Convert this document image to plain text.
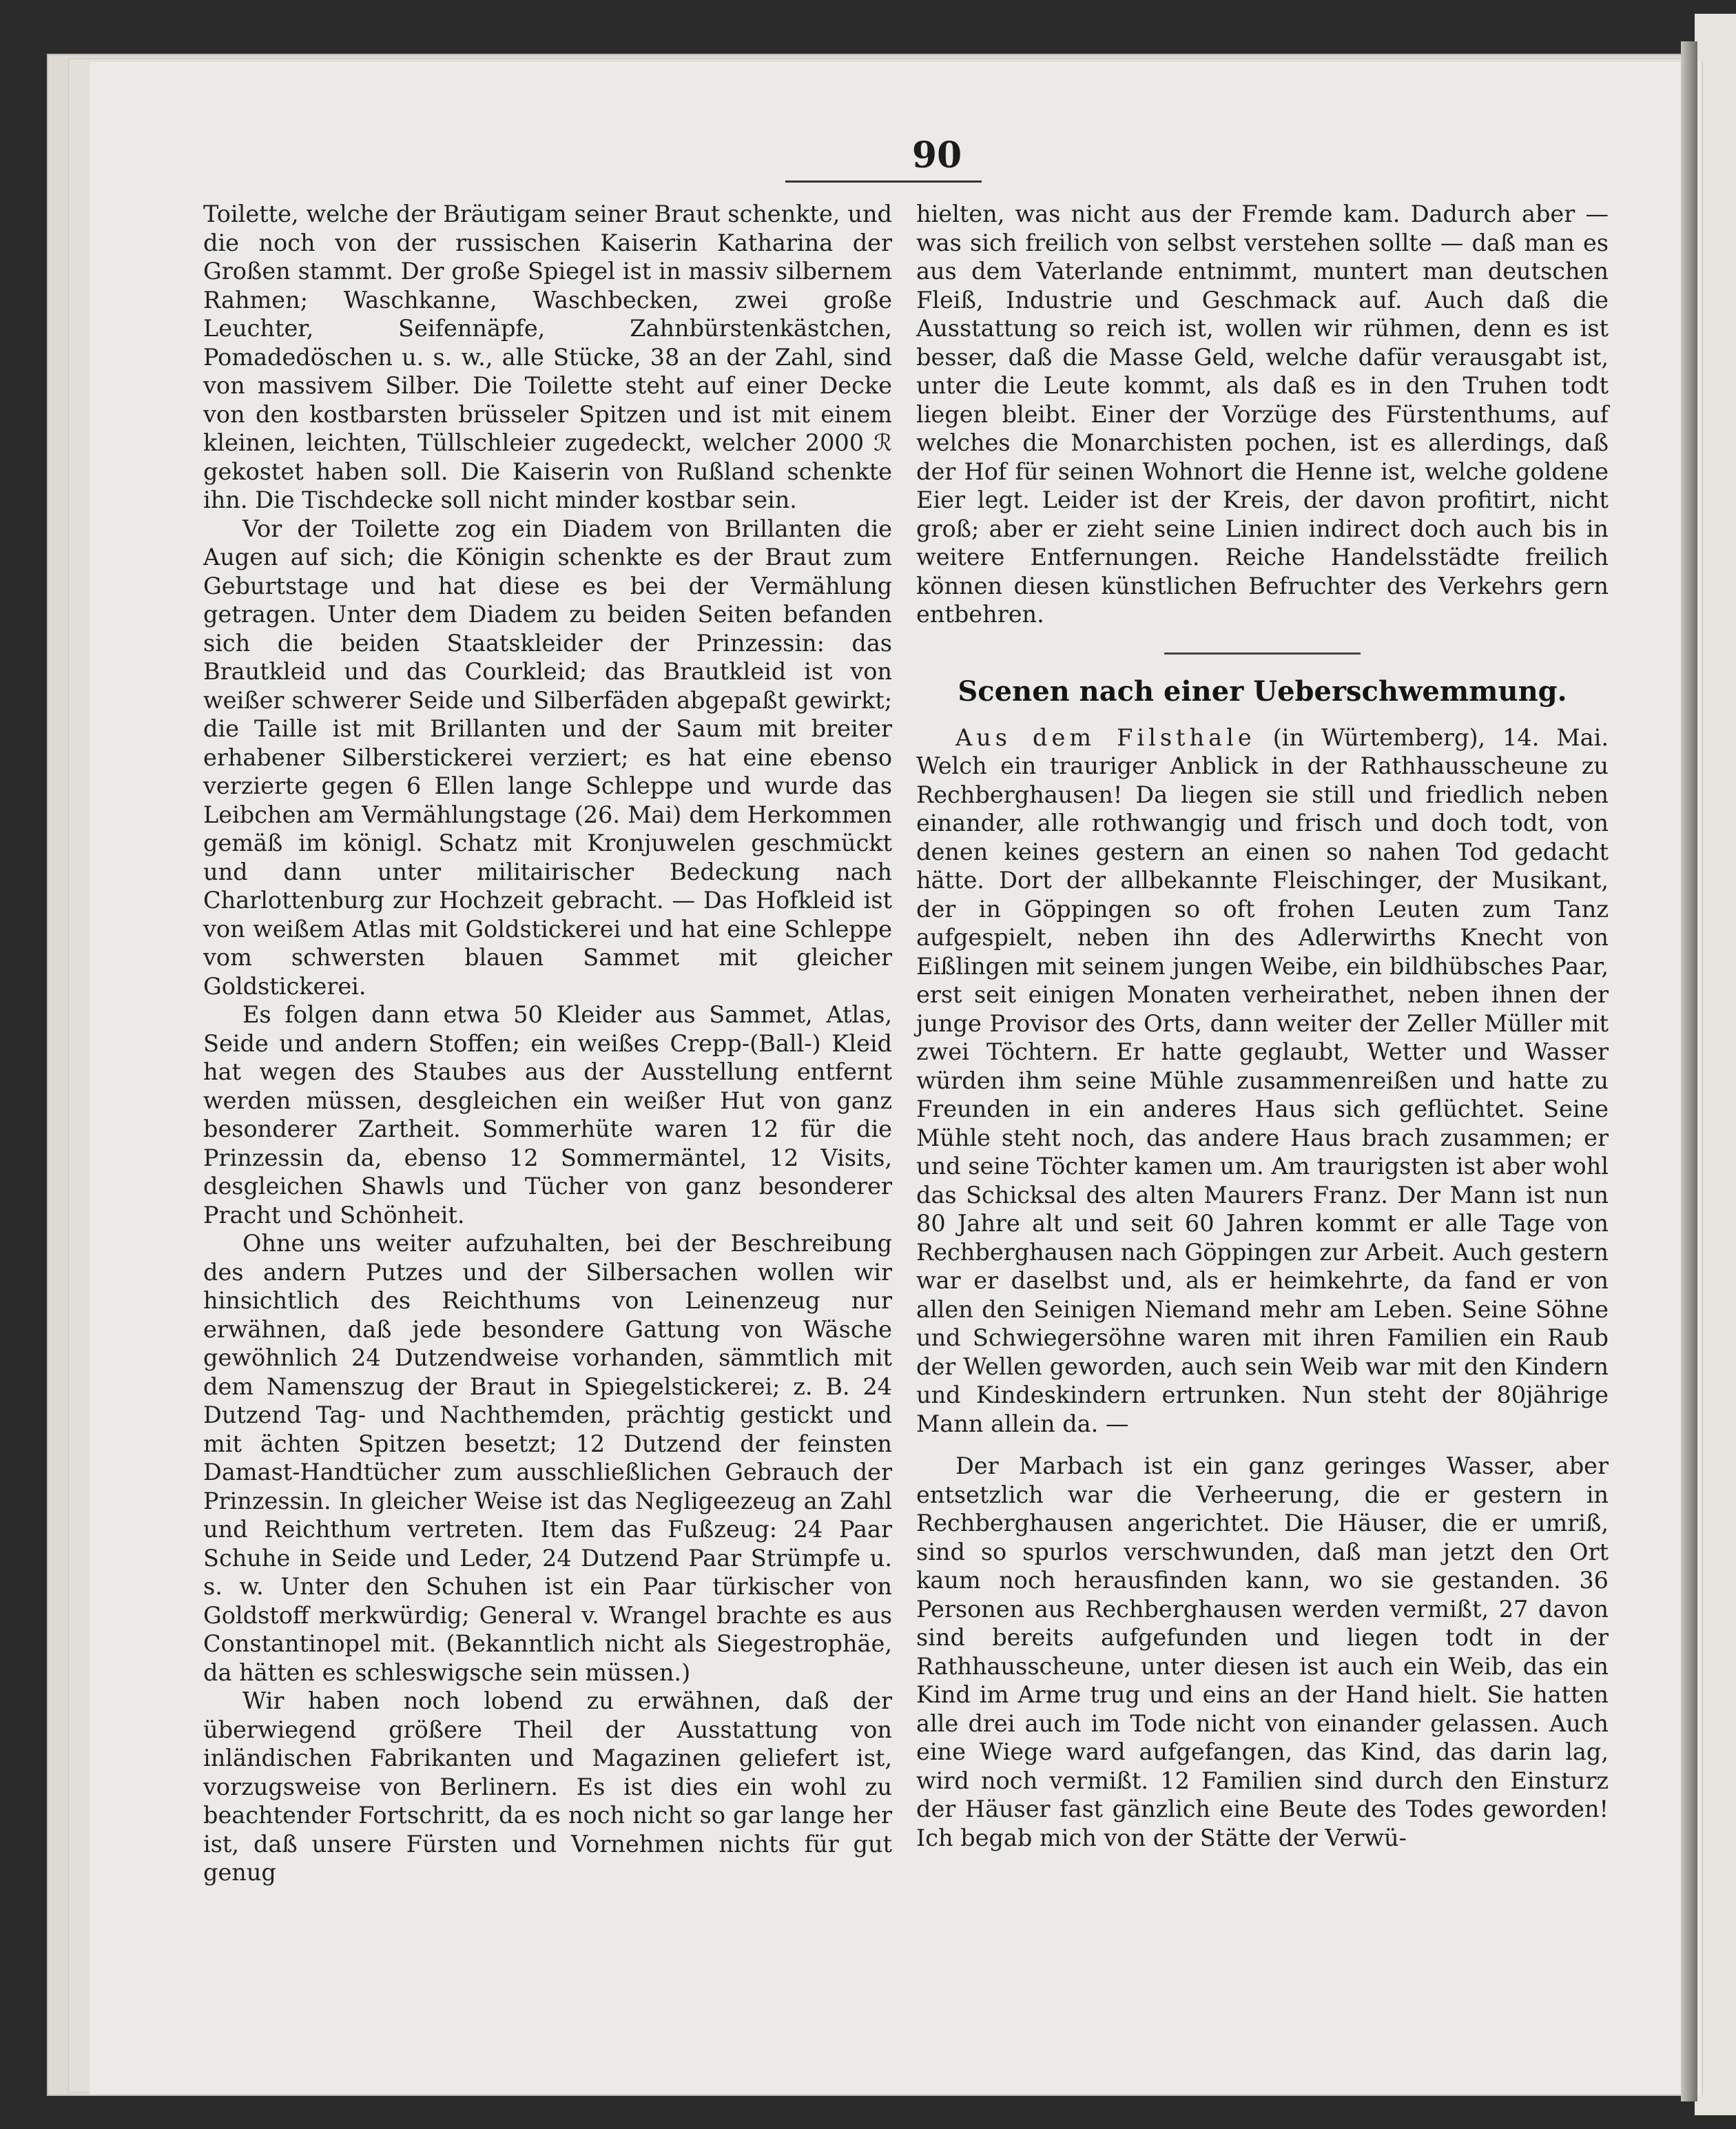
90

Toilette, welche der Bräutigam seiner Braut schenkte, und die noch von der russischen Kaiserin Katharina der Großen stammt. Der große Spiegel ist in massiv silbernem Rahmen; Waschkanne, Waschbecken, zwei große Leuchter, Seifennäpfe, Zahnbürstenkästchen, Pomadedöschen u. s. w., alle Stücke, 38 an der Zahl, sind von massivem Silber. Die Toilette steht auf einer Decke von den kostbarsten brüsseler Spitzen und ist mit einem kleinen, leichten, Tüllschleier zugedeckt, welcher 2000 ℛ gekostet haben soll. Die Kaiserin von Rußland schenkte ihn. Die Tischdecke soll nicht minder kostbar sein.

Vor der Toilette zog ein Diadem von Brillanten die Augen auf sich; die Königin schenkte es der Braut zum Geburtstage und hat diese es bei der Vermählung getragen. Unter dem Diadem zu beiden Seiten befanden sich die beiden Staatskleider der Prinzessin: das Brautkleid und das Courkleid; das Brautkleid ist von weißer schwerer Seide und Silberfäden abgepaßt gewirkt; die Taille ist mit Brillanten und der Saum mit breiter erhabener Silberstickerei verziert; es hat eine ebenso verzierte gegen 6 Ellen lange Schleppe und wurde das Leibchen am Vermählungstage (26. Mai) dem Herkommen gemäß im königl. Schatz mit Kronjuwelen geschmückt und dann unter militairischer Bedeckung nach Charlottenburg zur Hochzeit gebracht. — Das Hofkleid ist von weißem Atlas mit Goldstickerei und hat eine Schleppe vom schwersten blauen Sammet mit gleicher Goldstickerei.

Es folgen dann etwa 50 Kleider aus Sammet, Atlas, Seide und andern Stoffen; ein weißes Crepp-(Ball-) Kleid hat wegen des Staubes aus der Ausstellung entfernt werden müssen, desgleichen ein weißer Hut von ganz besonderer Zartheit. Sommerhüte waren 12 für die Prinzessin da, ebenso 12 Sommermäntel, 12 Visits, desgleichen Shawls und Tücher von ganz besonderer Pracht und Schönheit.

Ohne uns weiter aufzuhalten, bei der Beschreibung des andern Putzes und der Silbersachen wollen wir hinsichtlich des Reichthums von Leinenzeug nur erwähnen, daß jede besondere Gattung von Wäsche gewöhnlich 24 Dutzendweise vorhanden, sämmtlich mit dem Namenszug der Braut in Spiegelstickerei; z. B. 24 Dutzend Tag- und Nachthemden, prächtig gestickt und mit ächten Spitzen besetzt; 12 Dutzend der feinsten Damast-Handtücher zum ausschließlichen Gebrauch der Prinzessin. In gleicher Weise ist das Negligeezeug an Zahl und Reichthum vertreten. Item das Fußzeug: 24 Paar Schuhe in Seide und Leder, 24 Dutzend Paar Strümpfe u. s. w. Unter den Schuhen ist ein Paar türkischer von Goldstoff merkwürdig; General v. Wrangel brachte es aus Constantinopel mit. (Bekanntlich nicht als Siegestrophäe, da hätten es schleswigsche sein müssen.)

Wir haben noch lobend zu erwähnen, daß der überwiegend größere Theil der Ausstattung von inländischen Fabrikanten und Magazinen geliefert ist, vorzugsweise von Berlinern. Es ist dies ein wohl zu beachtender Fortschritt, da es noch nicht so gar lange her ist, daß unsere Fürsten und Vornehmen nichts für gut genug

hielten, was nicht aus der Fremde kam. Dadurch aber — was sich freilich von selbst verstehen sollte — daß man es aus dem Vaterlande entnimmt, muntert man deutschen Fleiß, Industrie und Geschmack auf. Auch daß die Ausstattung so reich ist, wollen wir rühmen, denn es ist besser, daß die Masse Geld, welche dafür verausgabt ist, unter die Leute kommt, als daß es in den Truhen todt liegen bleibt. Einer der Vorzüge des Fürstenthums, auf welches die Monarchisten pochen, ist es allerdings, daß der Hof für seinen Wohnort die Henne ist, welche goldene Eier legt. Leider ist der Kreis, der davon profitirt, nicht groß; aber er zieht seine Linien indirect doch auch bis in weitere Entfernungen. Reiche Handelsstädte freilich können diesen künstlichen Befruchter des Verkehrs gern entbehren.

Scenen nach einer Ueberschwemmung.

Aus dem Filsthale (in Würtemberg), 14. Mai. Welch ein trauriger Anblick in der Rathhausscheune zu Rechberghausen! Da liegen sie still und friedlich neben einander, alle rothwangig und frisch und doch todt, von denen keines gestern an einen so nahen Tod gedacht hätte. Dort der allbekannte Fleischinger, der Musikant, der in Göppingen so oft frohen Leuten zum Tanz aufgespielt, neben ihn des Adlerwirths Knecht von Eißlingen mit seinem jungen Weibe, ein bildhübsches Paar, erst seit einigen Monaten verheirathet, neben ihnen der junge Provisor des Orts, dann weiter der Zeller Müller mit zwei Töchtern. Er hatte geglaubt, Wetter und Wasser würden ihm seine Mühle zusammenreißen und hatte zu Freunden in ein anderes Haus sich geflüchtet. Seine Mühle steht noch, das andere Haus brach zusammen; er und seine Töchter kamen um. Am traurigsten ist aber wohl das Schicksal des alten Maurers Franz. Der Mann ist nun 80 Jahre alt und seit 60 Jahren kommt er alle Tage von Rechberghausen nach Göppingen zur Arbeit. Auch gestern war er daselbst und, als er heimkehrte, da fand er von allen den Seinigen Niemand mehr am Leben. Seine Söhne und Schwiegersöhne waren mit ihren Familien ein Raub der Wellen geworden, auch sein Weib war mit den Kindern und Kindeskindern ertrunken. Nun steht der 80jährige Mann allein da. —

Der Marbach ist ein ganz geringes Wasser, aber entsetzlich war die Verheerung, die er gestern in Rechberghausen angerichtet. Die Häuser, die er umriß, sind so spurlos verschwunden, daß man jetzt den Ort kaum noch herausfinden kann, wo sie gestanden. 36 Personen aus Rechberghausen werden vermißt, 27 davon sind bereits aufgefunden und liegen todt in der Rathhausscheune, unter diesen ist auch ein Weib, das ein Kind im Arme trug und eins an der Hand hielt. Sie hatten alle drei auch im Tode nicht von einander gelassen. Auch eine Wiege ward aufgefangen, das Kind, das darin lag, wird noch vermißt. 12 Familien sind durch den Einsturz der Häuser fast gänzlich eine Beute des Todes geworden! Ich begab mich von der Stätte der Verwü-
